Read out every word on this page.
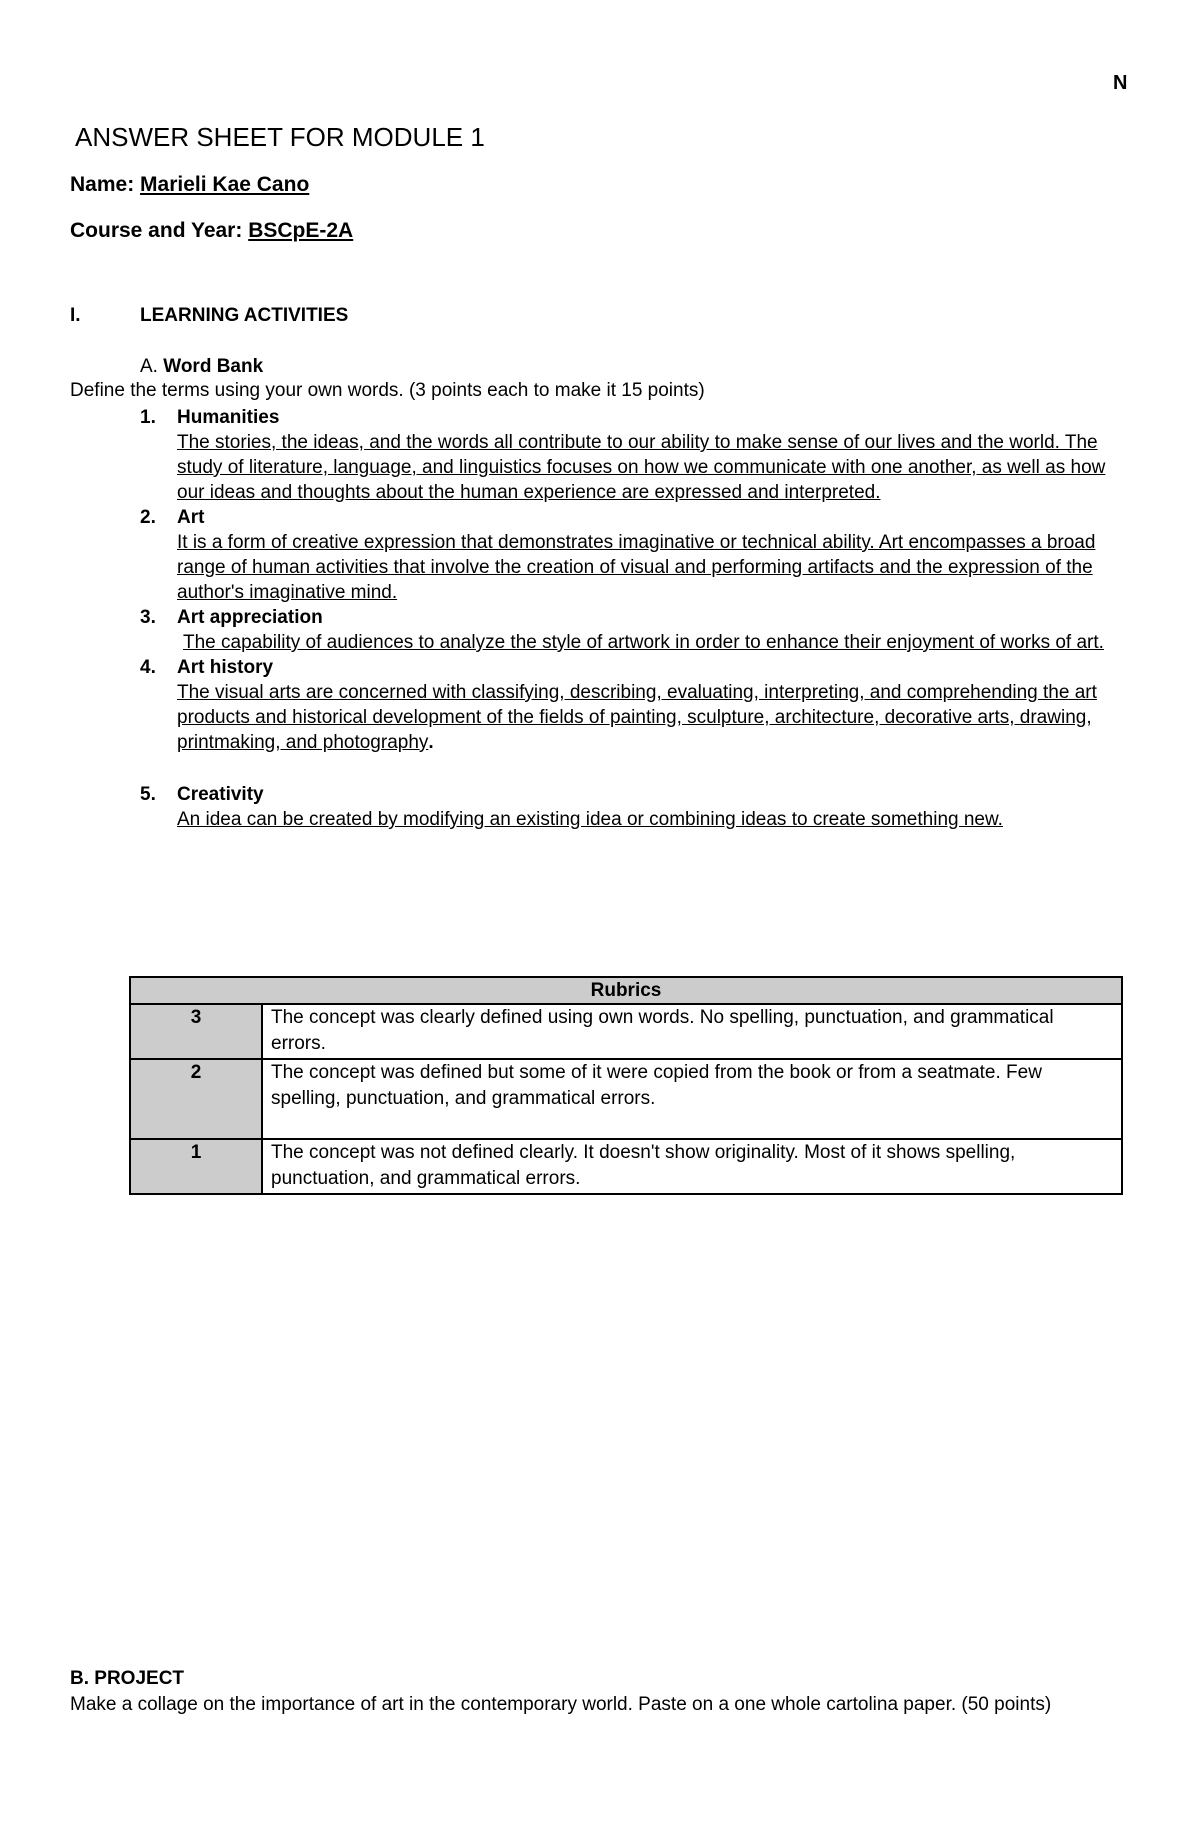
N
ANSWER SHEET FOR MODULE 1
Name: Marieli Kae Cano
Course and Year: BSCpE-2A
I.	LEARNING ACTIVITIES
A. Word Bank
Define the terms using your own words. (3 points each to make it 15 points)
1. Humanities
The stories, the ideas, and the words all contribute to our ability to make sense of our lives and the world. The study of literature, language, and linguistics focuses on how we communicate with one another, as well as how our ideas and thoughts about the human experience are expressed and interpreted.
2. Art
It is a form of creative expression that demonstrates imaginative or technical ability. Art encompasses a broad range of human activities that involve the creation of visual and performing artifacts and the expression of the author's imaginative mind.
3. Art appreciation
The capability of audiences to analyze the style of artwork in order to enhance their enjoyment of works of art.
4. Art history
The visual arts are concerned with classifying, describing, evaluating, interpreting, and comprehending the art products and historical development of the fields of painting, sculpture, architecture, decorative arts, drawing, printmaking, and photography.
5. Creativity
An idea can be created by modifying an existing idea or combining ideas to create something new.
Rubrics	
3	The concept was clearly defined using own words. No spelling, punctuation, and grammatical errors.
2	The concept was defined but some of it were copied from the book or from a seatmate. Few spelling, punctuation, and grammatical errors.
1	The concept was not defined clearly. It doesn't show originality. Most of it shows spelling, punctuation, and grammatical errors.
B. PROJECT
Make a collage on the importance of art in the contemporary world. Paste on a one whole cartolina paper. (50 points)
